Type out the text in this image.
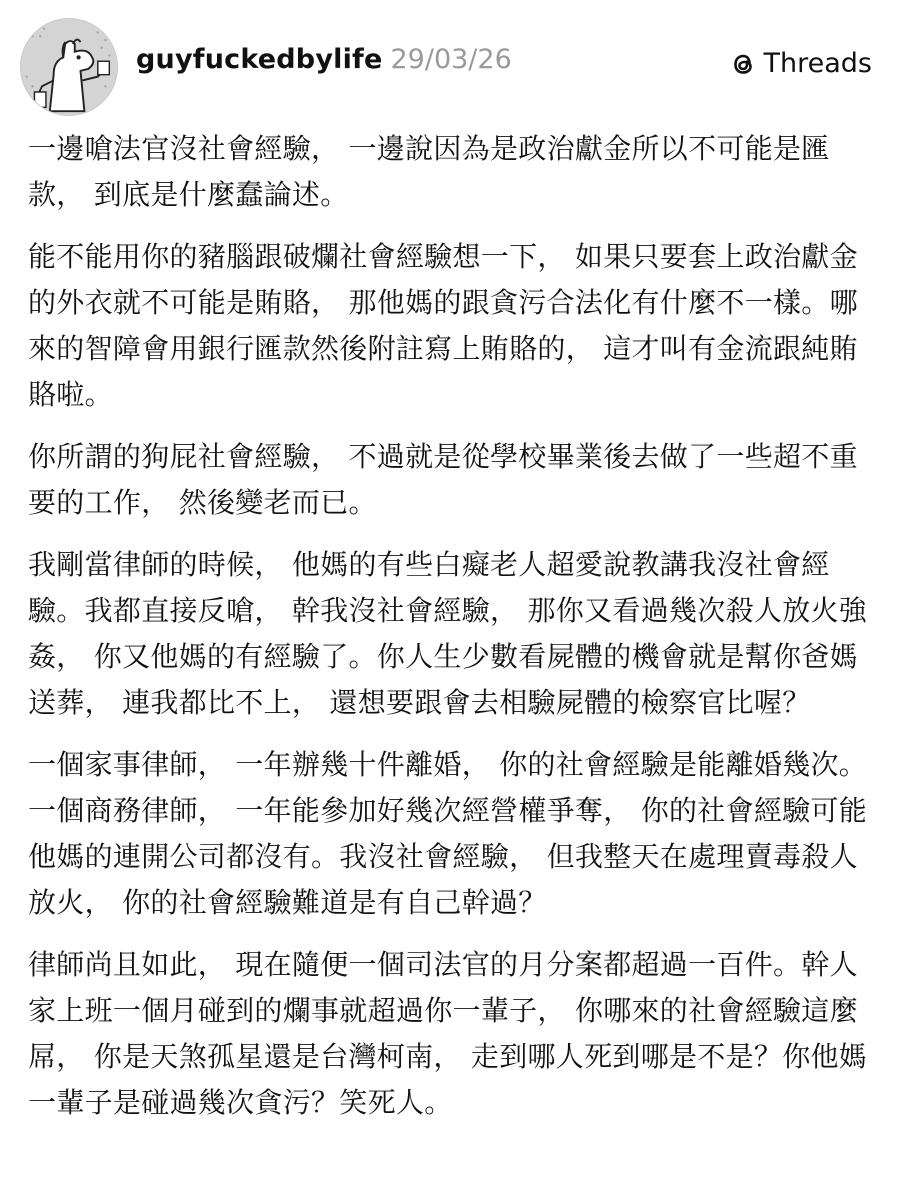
guyfuckedbylife 29/03/26	Threads

一邊嗆法官沒社會經驗， 一邊說因為是政治獻金所以不可能是匯款， 到底是什麼蠢論述。

能不能用你的豬腦跟破爛社會經驗想一下， 如果只要套上政治獻金的外衣就不可能是賄賂， 那他媽的跟貪污合法化有什麼不一樣。哪來的智障會用銀行匯款然後附註寫上賄賂的， 這才叫有金流跟純賄賂啦。

你所謂的狗屁社會經驗， 不過就是從學校畢業後去做了一些超不重要的工作， 然後變老而已。

我剛當律師的時候， 他媽的有些白癡老人超愛說教講我沒社會經驗。我都直接反嗆， 幹我沒社會經驗， 那你又看過幾次殺人放火強姦， 你又他媽的有經驗了。你人生少數看屍體的機會就是幫你爸媽送葬， 連我都比不上， 還想要跟會去相驗屍體的檢察官比喔？

一個家事律師， 一年辦幾十件離婚， 你的社會經驗是能離婚幾次。一個商務律師， 一年能參加好幾次經營權爭奪， 你的社會經驗可能他媽的連開公司都沒有。我沒社會經驗， 但我整天在處理賣毒殺人放火， 你的社會經驗難道是有自己幹過？

律師尚且如此， 現在隨便一個司法官的月分案都超過一百件。幹人家上班一個月碰到的爛事就超過你一輩子， 你哪來的社會經驗這麼屌， 你是天煞孤星還是台灣柯南， 走到哪人死到哪是不是？你他媽一輩子是碰過幾次貪污？笑死人。
